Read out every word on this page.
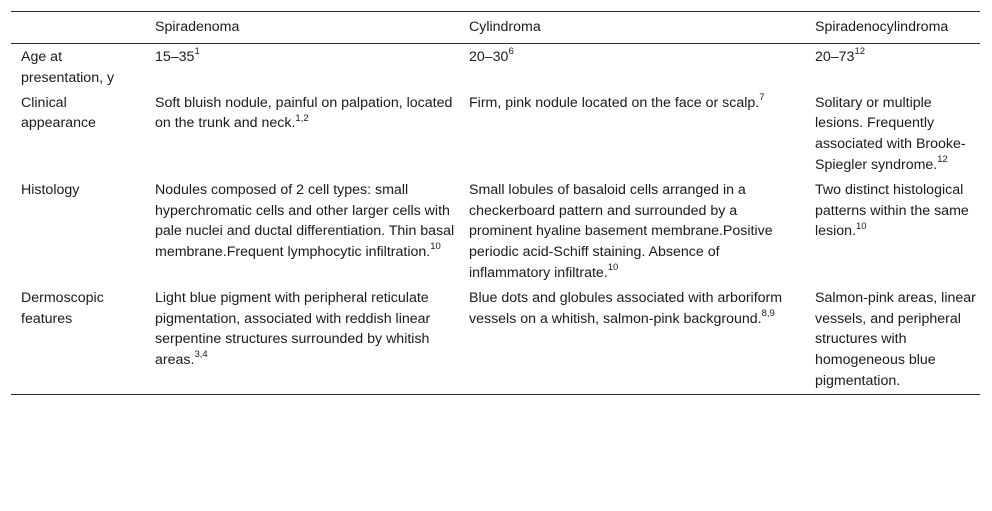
	Spiradenoma	Cylindroma	Spiradenocylindroma
Age at presentation, y	$15-35^1$	$20-30^6$	$20-73^{12}$
Clinical appearance	Soft bluish nodule, painful on palpation, located on the trunk and neck.$^{1,2}$	Firm, pink nodule located on the face or scalp.$^7$	Solitary or multiple lesions. Frequently associated with Brooke-Spiegler syndrome.$^{12}$
Histology	Nodules composed of 2 cell types: small hyperchromatic cells and other larger cells with pale nuclei and ductal differentiation. Thin basal membrane.Frequent lymphocytic infiltration.$^{10}$	Small lobules of basaloid cells arranged in a checkerboard pattern and surrounded by a prominent hyaline basement membrane.Positive periodic acid-Schiff staining. Absence of inflammatory infiltrate.$^{10}$	Two distinct histological patterns within the same lesion.$^{10}$
Dermoscopic features	Light blue pigment with peripheral reticulate pigmentation, associated with reddish linear serpentine structures surrounded by whitish areas.$^{3,4}$	Blue dots and globules associated with arboriform vessels on a whitish, salmon-pink background.$^{8,9}$	Salmon-pink areas, linear vessels, and peripheral structures with homogeneous blue pigmentation.
